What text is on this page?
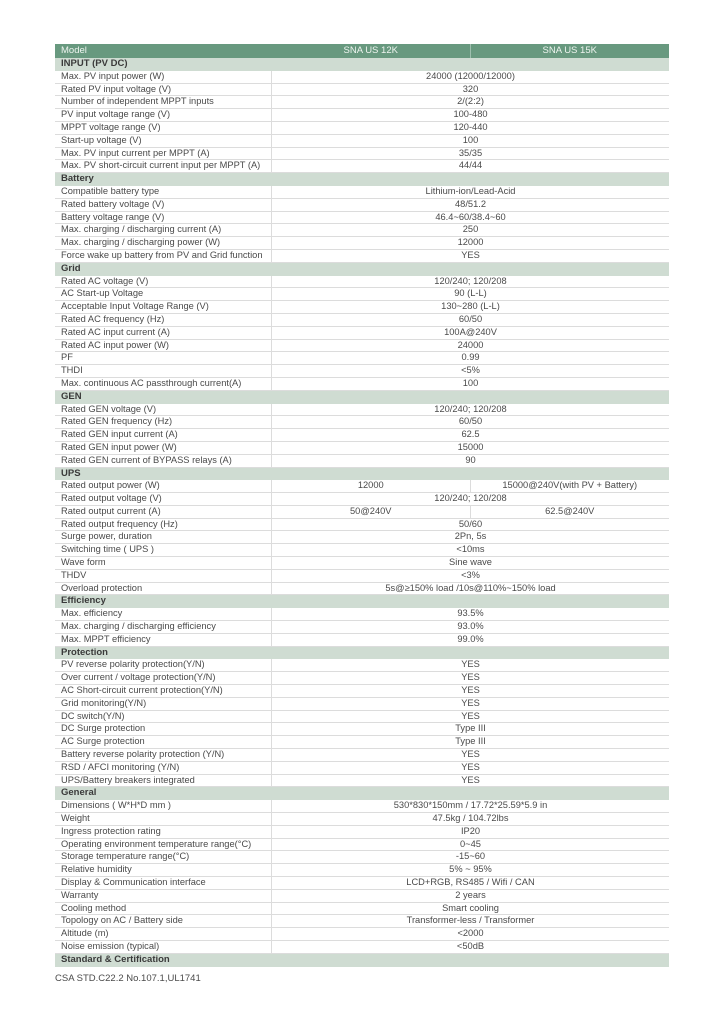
Model	SNA US 12K	SNA US 15K
INPUT (PV DC)
Max. PV input power (W)	24000 (12000/12000)
Rated PV input voltage (V)	320
Number of independent MPPT inputs	2/(2:2)
PV input voltage range (V)	100-480
MPPT voltage range (V)	120-440
Start-up voltage (V)	100
Max. PV input current per MPPT (A)	35/35
Max. PV short-circuit current input per MPPT (A)	44/44
Battery
Compatible battery type	Lithium-ion/Lead-Acid
Rated battery voltage (V)	48/51.2
Battery voltage range (V)	46.4~60/38.4~60
Max. charging / discharging current (A)	250
Max. charging / discharging power (W)	12000
Force wake up battery from PV and Grid function	YES
Grid
Rated AC voltage (V)	120/240; 120/208
AC Start-up Voltage	90 (L-L)
Acceptable Input Voltage Range (V)	130~280 (L-L)
Rated AC frequency (Hz)	60/50
Rated AC input current (A)	100A@240V
Rated AC input power (W)	24000
PF	0.99
THDI	<5%
Max. continuous AC passthrough current(A)	100
GEN
Rated GEN voltage (V)	120/240; 120/208
Rated GEN frequency (Hz)	60/50
Rated GEN input current (A)	62.5
Rated GEN input power (W)	15000
Rated GEN current of BYPASS relays (A)	90
UPS
Rated output power (W)	12000	15000@240V(with PV + Battery)
Rated output voltage (V)	120/240; 120/208
Rated output current (A)	50@240V	62.5@240V
Rated output frequency (Hz)	50/60
Surge power, duration	2Pn, 5s
Switching time ( UPS )	<10ms
Wave form	Sine wave
THDV	<3%
Overload protection	5s@≥150% load /10s@110%~150% load
Efficiency
Max. efficiency	93.5%
Max. charging / discharging efficiency	93.0%
Max. MPPT efficiency	99.0%
Protection
PV reverse polarity protection(Y/N)	YES
Over current / voltage protection(Y/N)	YES
AC Short-circuit current protection(Y/N)	YES
Grid monitoring(Y/N)	YES
DC switch(Y/N)	YES
DC Surge protection	Type III
AC Surge protection	Type III
Battery reverse polarity protection (Y/N)	YES
RSD / AFCI monitoring (Y/N)	YES
UPS/Battery breakers integrated	YES
General
Dimensions ( W*H*D mm )	530*830*150mm / 17.72*25.59*5.9 in
Weight	47.5kg / 104.72lbs
Ingress protection rating	IP20
Operating environment temperature range(°C)	0~45
Storage temperature range(°C)	-15~60
Relative humidity	5% ~ 95%
Display & Communication interface	LCD+RGB, RS485 / Wifi / CAN
Warranty	2 years
Cooling method	Smart cooling
Topology on AC / Battery side	Transformer-less / Transformer
Altitude (m)	<2000
Noise emission (typical)	<50dB
Standard & Certification
CSA STD.C22.2 No.107.1,UL1741
